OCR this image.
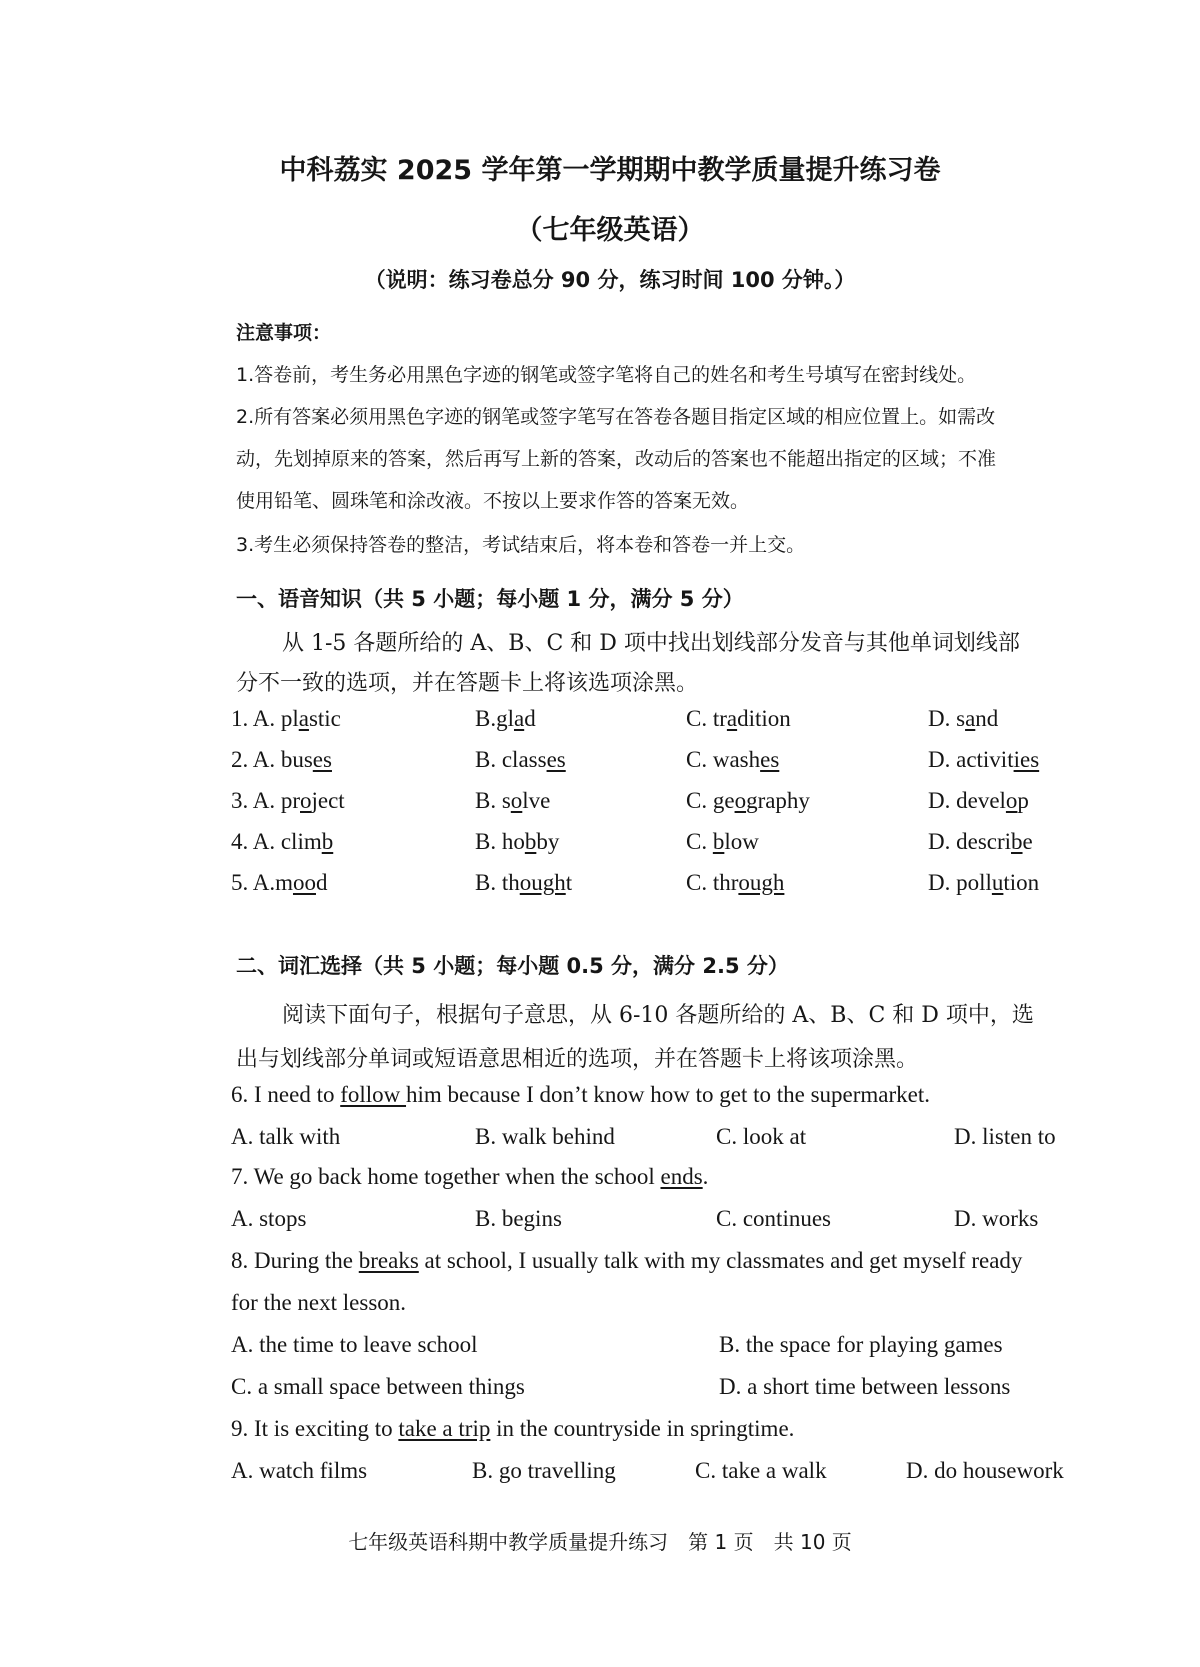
中科荔实 2025 学年第一学期期中教学质量提升练习卷
（七年级英语）
（说明：练习卷总分 90 分，练习时间 100 分钟。）
注意事项：
1.答卷前，考生务必用黑色字迹的钢笔或签字笔将自己的姓名和考生号填写在密封线处。
2.所有答案必须用黑色字迹的钢笔或签字笔写在答卷各题目指定区域的相应位置上。如需改
动，先划掉原来的答案，然后再写上新的答案，改动后的答案也不能超出指定的区域；不准
使用铅笔、圆珠笔和涂改液。不按以上要求作答的答案无效。
3.考生必须保持答卷的整洁，考试结束后，将本卷和答卷一并上交。
一、语音知识（共 5 小题；每小题 1 分，满分 5 分）
从 1-5 各题所给的 A、B、C 和 D 项中找出划线部分发音与其他单词划线部
分不一致的选项，并在答题卡上将该选项涂黑。
1. A. plastic	B.glad	C. tradition	D. sand
2. A. buses	B. classes	C. washes	D. activities
3. A. project	B. solve	C. geography	D. develop
4. A. climb	B. hobby	C. blow	D. describe
5. A.mood	B. thought	C. through	D. pollution
二、词汇选择（共 5 小题；每小题 0.5 分，满分 2.5 分）
阅读下面句子，根据句子意思，从 6-10 各题所给的 A、B、C 和 D 项中，选
出与划线部分单词或短语意思相近的选项，并在答题卡上将该项涂黑。
6. I need to follow him because I don’t know how to get to the supermarket.
A. talk with	B. walk behind	C. look at	D. listen to
7. We go back home together when the school ends.
A. stops	B. begins	C. continues	D. works
8. During the breaks at school, I usually talk with my classmates and get myself ready
for the next lesson.
A. the time to leave school	B. the space for playing games
C. a small space between things	D. a short time between lessons
9. It is exciting to take a trip in the countryside in springtime.
A. watch films	B. go travelling	C. take a walk	D. do housework
七年级英语科期中教学质量提升练习　第 1 页　共 10 页
